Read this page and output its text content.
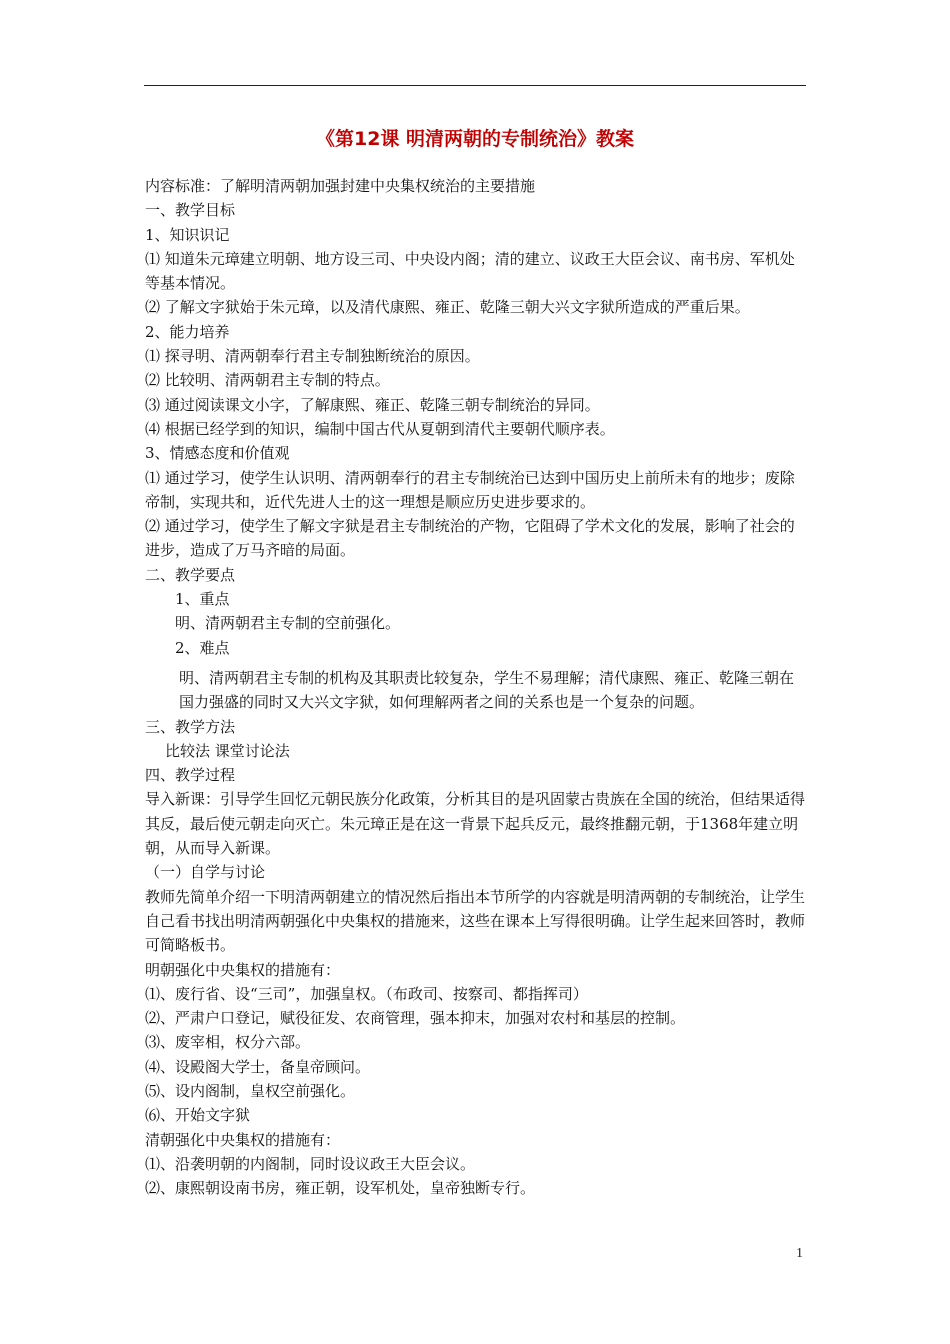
《第12课 明清两朝的专制统治》教案

内容标准：了解明清两朝加强封建中央集权统治的主要措施

一、教学目标

1、知识识记

⑴ 知道朱元璋建立明朝、地方设三司、中央设内阁；清的建立、议政王大臣会议、南书房、军机处等基本情况。

⑵ 了解文字狱始于朱元璋，以及清代康熙、雍正、乾隆三朝大兴文字狱所造成的严重后果。

2、能力培养

⑴ 探寻明、清两朝奉行君主专制独断统治的原因。

⑵ 比较明、清两朝君主专制的特点。

⑶ 通过阅读课文小字，了解康熙、雍正、乾隆三朝专制统治的异同。

⑷ 根据已经学到的知识，编制中国古代从夏朝到清代主要朝代顺序表。

3、情感态度和价值观

⑴ 通过学习，使学生认识明、清两朝奉行的君主专制统治已达到中国历史上前所未有的地步；废除帝制，实现共和，近代先进人士的这一理想是顺应历史进步要求的。

⑵ 通过学习，使学生了解文字狱是君主专制统治的产物，它阻碍了学术文化的发展，影响了社会的进步，造成了万马齐暗的局面。

二、教学要点

1、重点

明、清两朝君主专制的空前强化。

2、难点

明、清两朝君主专制的机构及其职责比较复杂，学生不易理解；清代康熙、雍正、乾隆三朝在国力强盛的同时又大兴文字狱，如何理解两者之间的关系也是一个复杂的问题。

三、教学方法

比较法 课堂讨论法

四、教学过程

导入新课：引导学生回忆元朝民族分化政策，分析其目的是巩固蒙古贵族在全国的统治，但结果适得其反，最后使元朝走向灭亡。朱元璋正是在这一背景下起兵反元，最终推翻元朝，于1368年建立明朝，从而导入新课。

（一）自学与讨论

教师先简单介绍一下明清两朝建立的情况然后指出本节所学的内容就是明清两朝的专制统治，让学生自己看书找出明清两朝强化中央集权的措施来，这些在课本上写得很明确。让学生起来回答时，教师可简略板书。

明朝强化中央集权的措施有：

⑴、废行省、设“三司”，加强皇权。（布政司、按察司、都指挥司）

⑵、严肃户口登记，赋役征发、农商管理，强本抑末，加强对农村和基层的控制。

⑶、废宰相，权分六部。

⑷、设殿阁大学士，备皇帝顾问。

⑸、设内阁制，皇权空前强化。

⑹、开始文字狱

清朝强化中央集权的措施有：

⑴、沿袭明朝的内阁制，同时设议政王大臣会议。

⑵、康熙朝设南书房，雍正朝，设军机处，皇帝独断专行。

1
